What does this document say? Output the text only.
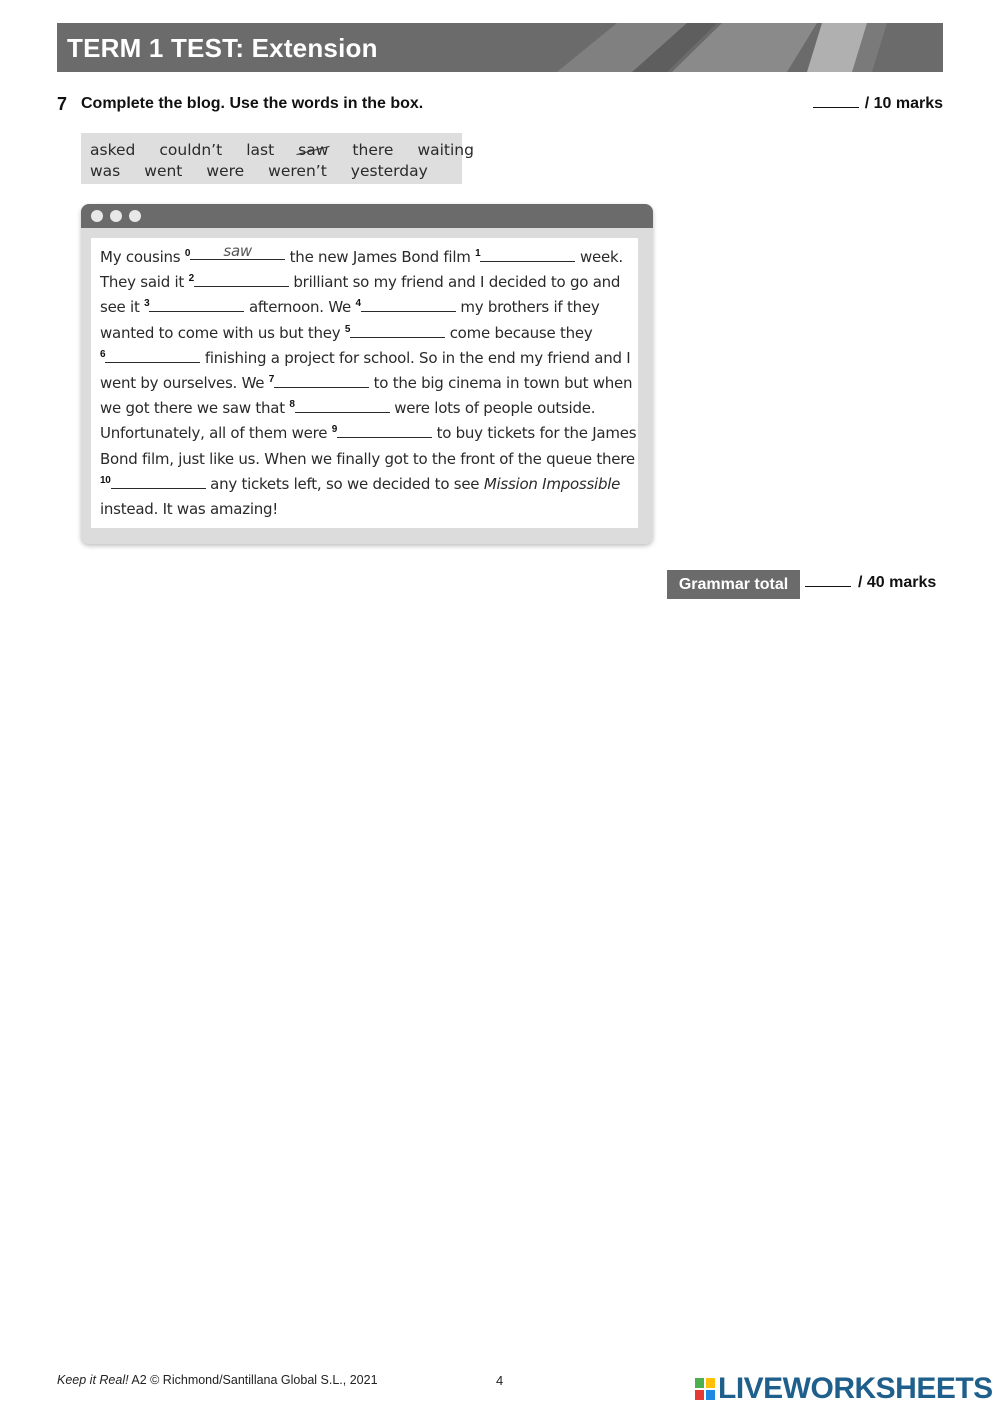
TERM 1 TEST: Extension
7 Complete the blog. Use the words in the box.	/ 10 marks
asked couldn’t last saw there waiting
was went were weren’t yesterday
My cousins $^0$ saw the new James Bond film $^1$	week.
They said it $^2$	brilliant so my friend and I decided to go and
see it $^3$	afternoon. We $^4$	my brothers if they
wanted to come with us but they $^5$	come because they
$^6$	finishing a project for school. So in the end my friend and I
went by ourselves. We $^7$	to the big cinema in town but when
we got there we saw that $^8$	were lots of people outside.
Unfortunately, all of them were $^9$	to buy tickets for the James
Bond film, just like us. When we finally got to the front of the queue there
$^{10}$	any tickets left, so we decided to see Mission Impossible
instead. It was amazing!
Grammar total	/ 40 marks
Keep it Real! A2 © Richmond/Santillana Global S.L., 2021	4	LIVEWORKSHEETS
